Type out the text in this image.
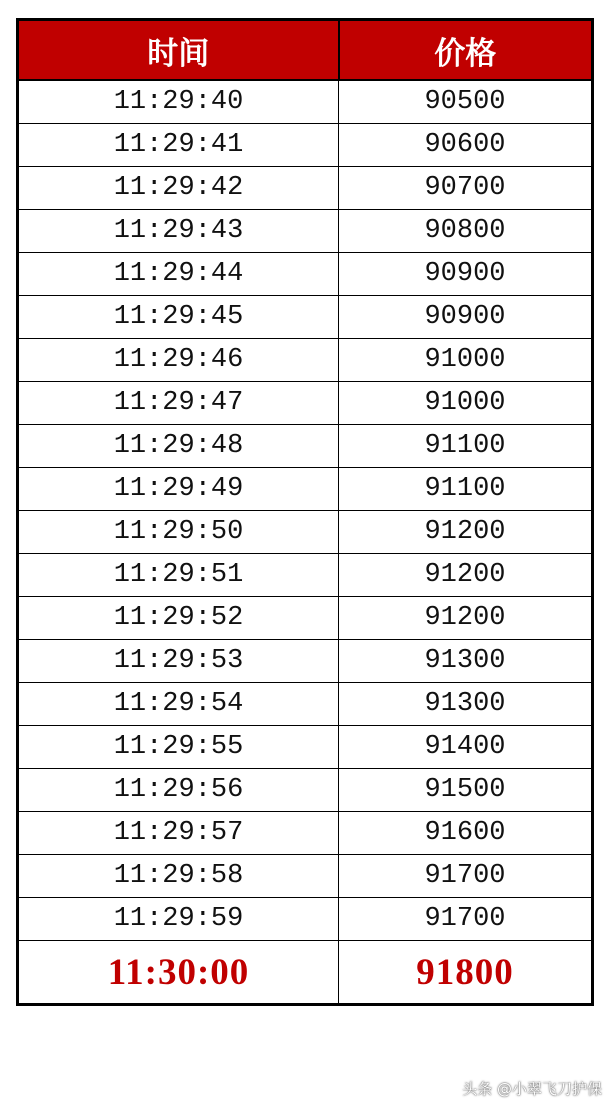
时间	价格
11:29:40	90500
11:29:41	90600
11:29:42	90700
11:29:43	90800
11:29:44	90900
11:29:45	90900
11:29:46	91000
11:29:47	91000
11:29:48	91100
11:29:49	91100
11:29:50	91200
11:29:51	91200
11:29:52	91200
11:29:53	91300
11:29:54	91300
11:29:55	91400
11:29:56	91500
11:29:57	91600
11:29:58	91700
11:29:59	91700
11:30:00	91800
头条 @小翠飞刀护保
